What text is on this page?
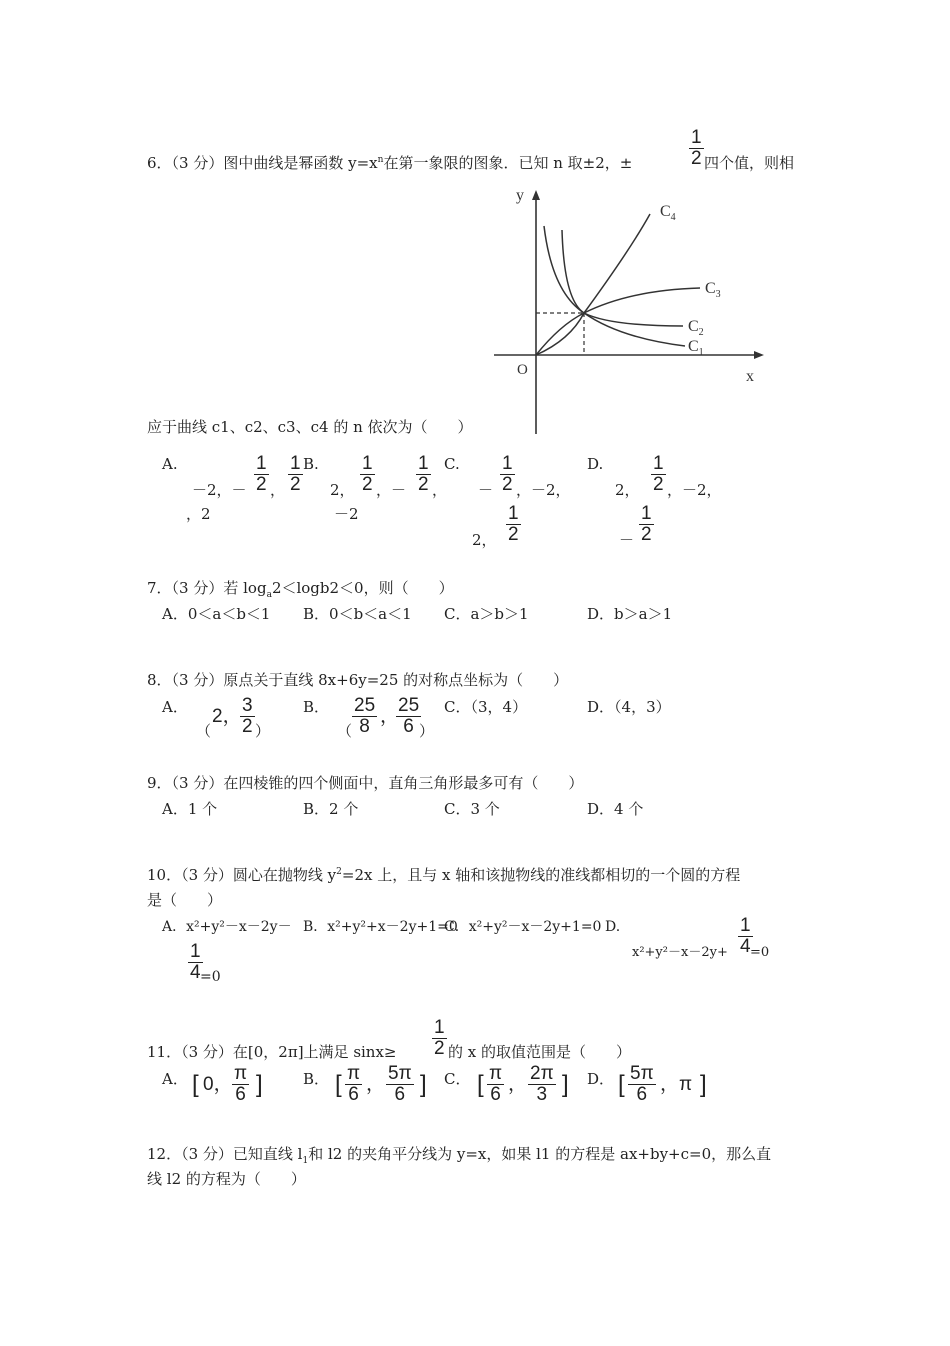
6．（3 分）图中曲线是幂函数 $y=x^n$在第一象限的图象．已知 n 取±2，±	$\frac{1}{2}$ 四个值，则相
y
x
O
$C_4$
$C_3$
$C_2$
$C_1$
应于曲线 c1、c2、c3、c4 的 n 依次为（　　）
A.
－2，－ $\frac{1}{2}$ ， $\frac{1}{2}$
，2
B.
2， $\frac{1}{2}$ ，－ $\frac{1}{2}$ ，
－2
C.
－ $\frac{1}{2}$ ，－2，
2， $\frac{1}{2}$
D.
2， $\frac{1}{2}$ ，－2，
－ $\frac{1}{2}$
7．（3 分）若 $\log_a2<\log b2<0$，则（　　）
A．0＜a＜b＜1 B．0＜b＜a＜1 C．a＞b＞1	D．b＞a＞1
8．（3 分）原点关于直线 8x+6y=25 的对称点坐标为（　　）
A．
（
2，
$\frac{3}{2}$ ）
B．
（ $\frac{25}{8}$ ，
$\frac{25}{6}$
）
C．（3，4）	D．（4，3）
9．（3 分）在四棱锥的四个侧面中，直角三角形最多可有（　　）
A．1 个	B．2 个	C．3 个	D．4 个
10．（3 分）圆心在抛物线 $y^2=2x$ 上，且与 x 轴和该抛物线的准线都相切的一个圆的方程
是（　　）
A．x²+y²－x－2y－
$\frac{1}{4}$
=0
B．x²+y²+x－2y+1=0
C．x²+y²－x－2y+1=0 D.
$x^2+y^2-x-2y+ \frac{1}{4}$
=0
11．（3 分）在[0，2π]上满足 $\sin x\ge \frac{1}{2}$ 的 x 的取值范围是（　　）
A． [ 0， $\frac{\pi}{6}$ ]	B． [ $\frac{\pi}{6}$ ， $\frac{5\pi}{6}$ ] C． [ $\frac{\pi}{6}$ ， $\frac{2\pi}{3}$ ] D． [ $\frac{5\pi}{6}$ ，π ]
12．（3 分）已知直线 $l_1$和 l2 的夹角平分线为 y=x，如果 l1 的方程是 ax+by+c=0，那么直
线 l2 的方程为（　　）
